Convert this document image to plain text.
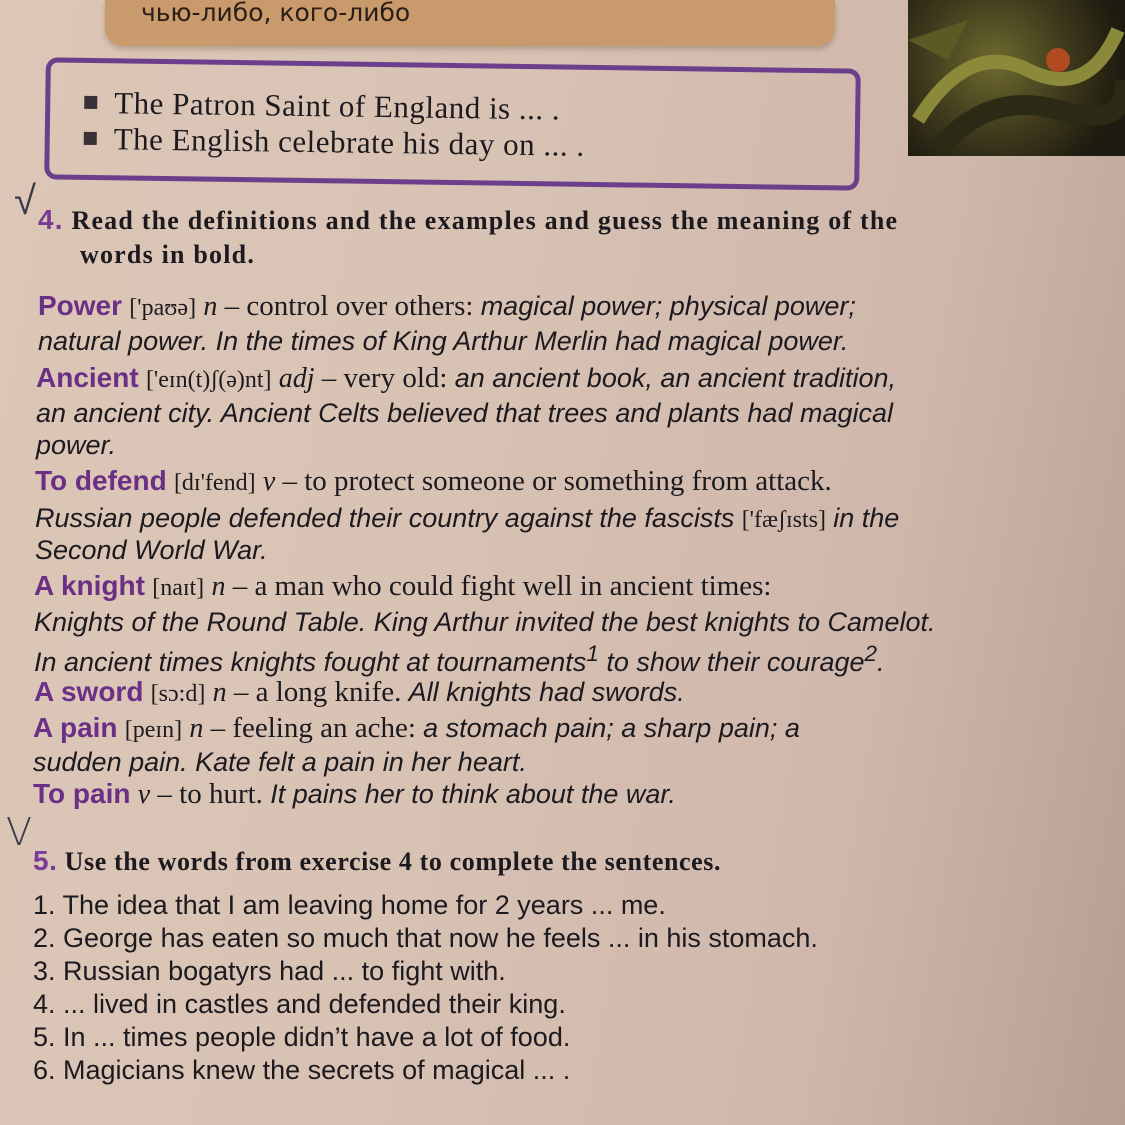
чью-либо, кого-либо
The Patron Saint of England is ... .
The English celebrate his day on ... .
√ 4. Read the definitions and the examples and guess the meaning of the
words in bold.
Power ['paʊə] n – control over others: magical power; physical power;
natural power. In the times of King Arthur Merlin had magical power.
Ancient ['eɪn(t)ʃ(ə)nt] adj – very old: an ancient book, an ancient tradition,
an ancient city. Ancient Celts believed that trees and plants had magical
power.
To defend [dɪ'fend] v – to protect someone or something from attack.
Russian people defended their country against the fascists ['fæʃɪsts] in the
Second World War.
A knight [naɪt] n – a man who could fight well in ancient times:
Knights of the Round Table. King Arthur invited the best knights to Camelot.
In ancient times knights fought at tournaments$^1$ to show their courage$^2$.
A sword [sɔ:d] n – a long knife. All knights had swords.
A pain [peɪn] n – feeling an ache: a stomach pain; a sharp pain; a
sudden pain. Kate felt a pain in her heart.
To pain v – to hurt. It pains her to think about the war.
V
5. Use the words from exercise 4 to complete the sentences.
1. The idea that I am leaving home for 2 years ... me.
2. George has eaten so much that now he feels ... in his stomach.
3. Russian bogatyrs had ... to fight with.
4. ... lived in castles and defended their king.
5. In ... times people didn’t have a lot of food.
6. Magicians knew the secrets of magical ... .
